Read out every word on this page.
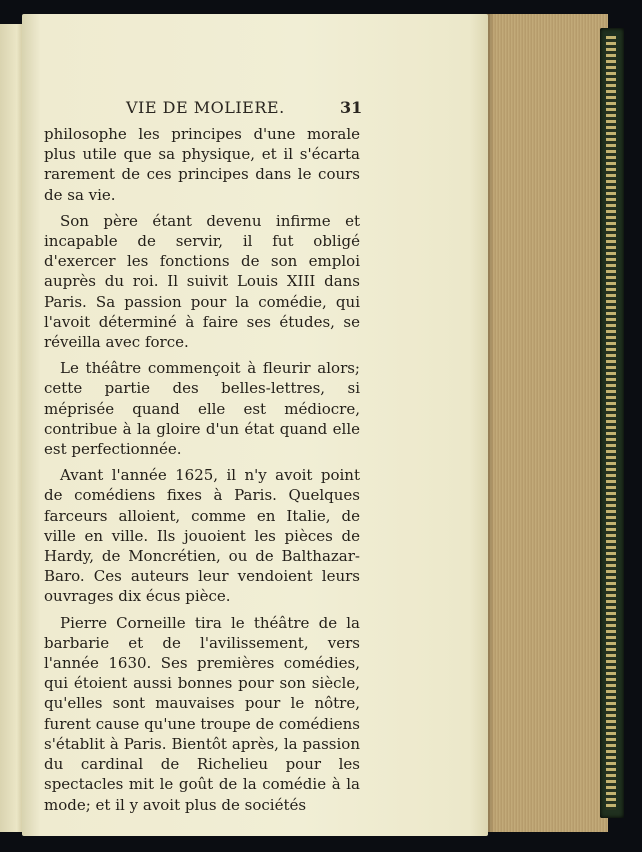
VIE DE MOLIERE.	31

philosophe les principes d'une morale plus utile que sa physique, et il s'écarta rarement de ces principes dans le cours de sa vie.

Son père étant devenu infirme et incapable de servir, il fut obligé d'exercer les fonctions de son emploi auprès du roi. Il suivit Louis XIII dans Paris. Sa passion pour la comédie, qui l'avoit déterminé à faire ses études, se réveilla avec force.

Le théâtre commençoit à fleurir alors; cette partie des belles-lettres, si méprisée quand elle est médiocre, contribue à la gloire d'un état quand elle est perfectionnée.

Avant l'année 1625, il n'y avoit point de comédiens fixes à Paris. Quelques farceurs alloient, comme en Italie, de ville en ville. Ils jouoient les pièces de Hardy, de Moncrétien, ou de Balthazar-Baro. Ces auteurs leur vendoient leurs ouvrages dix écus pièce.

Pierre Corneille tira le théâtre de la barbarie et de l'avilissement, vers l'année 1630. Ses premières comédies, qui étoient aussi bonnes pour son siècle, qu'elles sont mauvaises pour le nôtre, furent cause qu'une troupe de comédiens s'établit à Paris. Bientôt après, la passion du cardinal de Richelieu pour les spectacles mit le goût de la comédie à la mode; et il y avoit plus de sociétés
